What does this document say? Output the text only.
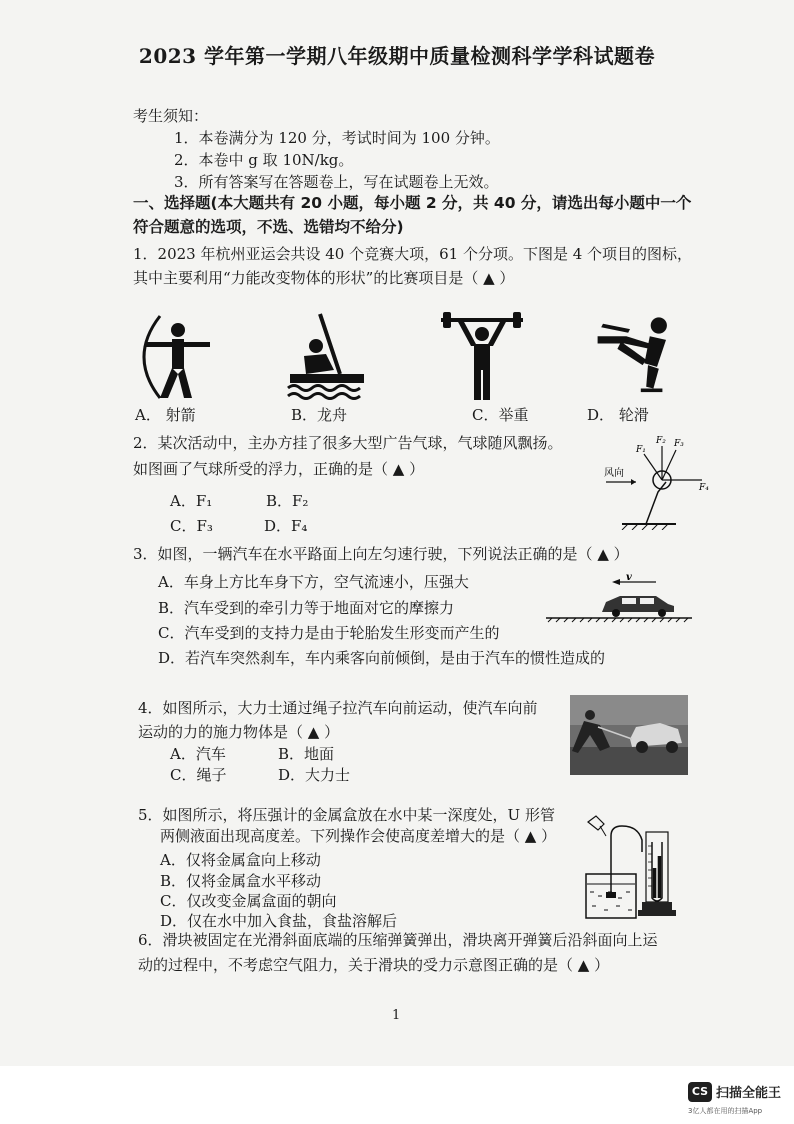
2023 学年第一学期八年级期中质量检测科学学科试题卷
考生须知：
1．本卷满分为 120 分，考试时间为 100 分钟。
2．本卷中 g 取 10N/kg。
3．所有答案写在答题卷上，写在试题卷上无效。
一、选择题(本大题共有 20 小题，每小题 2 分，共 40 分，请选出每小题中一个
符合题意的选项，不选、选错均不给分)
1．2023 年杭州亚运会共设 40 个竞赛大项，61 个分项。下图是 4 个项目的图标，
其中主要利用“力能改变物体的形状”的比赛项目是（ ▲ ）
A． 射箭	B．龙舟	C．举重	D． 轮滑
2．某次活动中，主办方挂了很多大型广告气球，气球随风飘扬。
如图画了气球所受的浮力，正确的是（ ▲ ）
A．F₁	B．F₂
C．F₃	D．F₄
风向
F₁
F₂ F₃
F₄
3．如图，一辆汽车在水平路面上向左匀速行驶，下列说法正确的是（ ▲ ）
A．车身上方比车身下方，空气流速小，压强大
B．汽车受到的牵引力等于地面对它的摩擦力
C．汽车受到的支持力是由于轮胎发生形变而产生的
D．若汽车突然刹车，车内乘客向前倾倒，是由于汽车的惯性造成的
v
4．如图所示，大力士通过绳子拉汽车向前运动，使汽车向前
运动的力的施力物体是（ ▲ ）
A．汽车	B．地面
C．绳子	D．大力士
5．如图所示，将压强计的金属盒放在水中某一深度处，U 形管
两侧液面出现高度差。下列操作会使高度差增大的是（ ▲ ）
A．仅将金属盒向上移动
B．仅将金属盒水平移动
C．仅改变金属盒面的朝向
D．仅在水中加入食盐，食盐溶解后
6．滑块被固定在光滑斜面底端的压缩弹簧弹出，滑块离开弹簧后沿斜面向上运
动的过程中，不考虑空气阻力，关于滑块的受力示意图正确的是（ ▲ ）
1
CS 扫描全能王
3亿人都在用的扫描App
